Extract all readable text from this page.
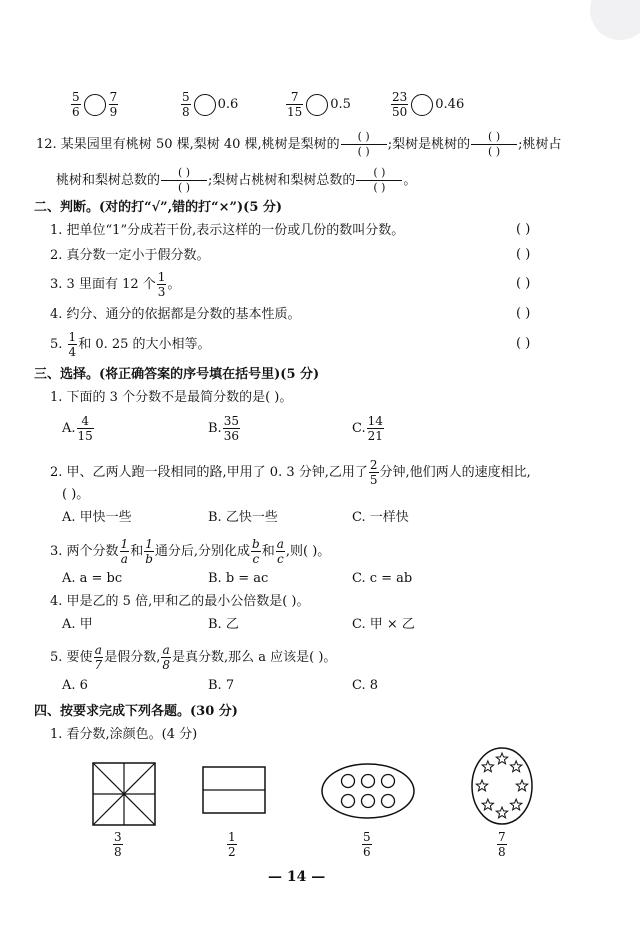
$\frac{5}{6} \frac{7}{9}$	$\frac{5}{8} 0.6$	$\frac{7}{15} 0.5$	$\frac{23}{50} 0.46$
12. 某果园里有桃树 50 棵,梨树 40 棵,桃树是梨树的 $\frac{( )}{( )}$ ;梨树是桃树的 $\frac{( )}{( )}$ ;桃树占
桃树和梨树总数的 $\frac{( )}{( )}$ ;梨树占桃树和梨树总数的 $\frac{( )}{( )}$ 。
二、判断。(对的打“√”,错的打“×”)(5 分)
1. 把单位“1”分成若干份,表示这样的一份或几份的数叫分数。	( )
2. 真分数一定小于假分数。	( )
3. 3 里面有 12 个 $\frac{1}{3}$ 。	( )
4. 约分、通分的依据都是分数的基本性质。	( )
5. $\frac{1}{4}$ 和 0. 25 的大小相等。	( )
三、选择。(将正确答案的序号填在括号里)(5 分)
1. 下面的 3 个分数不是最简分数的是( )。
A. $\frac{4}{15}$	B. $\frac{35}{36}$	C. $\frac{14}{21}$
2. 甲、乙两人跑一段相同的路,甲用了 0. 3 分钟,乙用了 $\frac{2}{5}$ 分钟,他们两人的速度相比,
( )。
A. 甲快一些	B. 乙快一些	C. 一样快
3. 两个分数 $\frac{1}{a}$ 和 $\frac{1}{b}$ 通分后,分别化成 $\frac{b}{c}$ 和 $\frac{a}{c}$ ,则( )。
A. a = bc	B. b = ac	C. c = ab
4. 甲是乙的 5 倍,甲和乙的最小公倍数是( )。
A. 甲	B. 乙	C. 甲 × 乙
5. 要使 $\frac{a}{7}$ 是假分数, $\frac{a}{8}$ 是真分数,那么 a 应该是( )。
A. 6	B. 7	C. 8
四、按要求完成下列各题。(30 分)
1. 看分数,涂颜色。(4 分)
$\frac{3}{8}$	$\frac{1}{2}$	$\frac{5}{6}$	$\frac{7}{8}$
— 14 —
